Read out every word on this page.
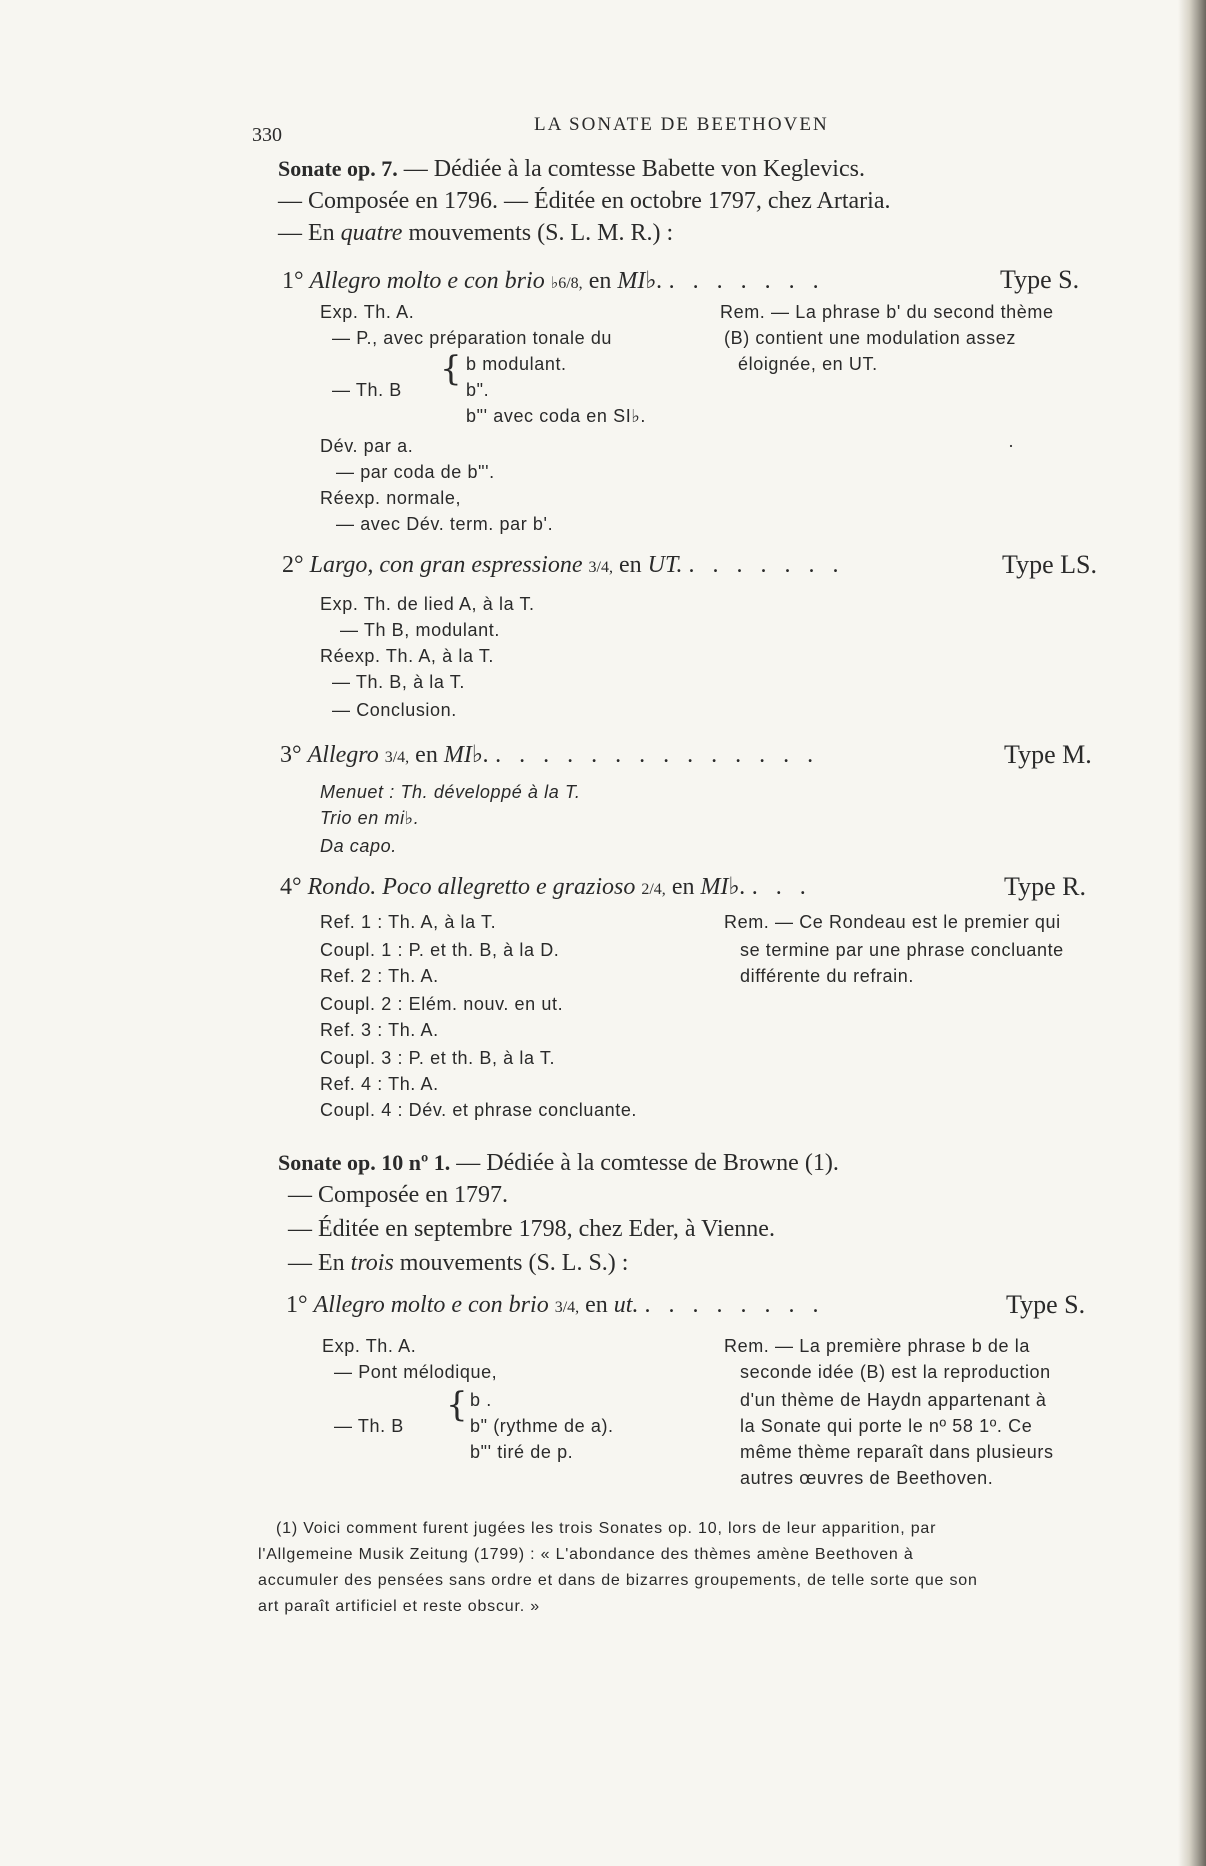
330	LA SONATE DE BEETHOVEN
Sonate op. 7. — Dédiée à la comtesse Babette von Keglevics.
— Composée en 1796. — Éditée en octobre 1797, chez Artaria.
— En quatre mouvements (S. L. M. R.) :
1° Allegro molto e con brio ♭6/8, en MI♭. . . . . . . .	Type S.
Exp. Th. A.
— P., avec préparation tonale du
{ b modulant.
— Th. B	b".
b"' avec coda en SI♭.
Dév. par a.
— par coda de b"'.
Réexp. normale,
— avec Dév. term. par b'.
Rem. — La phrase b' du second thème
(B) contient une modulation assez
éloignée, en UT.
2° Largo, con gran espressione 3/4, en UT. . . . . . . .	Type LS.
Exp. Th. de lied A, à la T.
— Th B, modulant.
Réexp. Th. A, à la T.
— Th. B, à la T.
— Conclusion.
3° Allegro 3/4, en MI♭. . . . . . . . . . . . . . .	Type M.
Menuet : Th. développé à la T.
Trio en mi♭.
Da capo.
4° Rondo. Poco allegretto e grazioso 2/4, en MI♭. . . .	Type R.
Ref. 1 : Th. A, à la T.
Coupl. 1 : P. et th. B, à la D.
Ref. 2 : Th. A.
Coupl. 2 : Elém. nouv. en ut.
Ref. 3 : Th. A.
Coupl. 3 : P. et th. B, à la T.
Ref. 4 : Th. A.
Coupl. 4 : Dév. et phrase concluante.
Rem. — Ce Rondeau est le premier qui
se termine par une phrase concluante
différente du refrain.
Sonate op. 10 nº 1. — Dédiée à la comtesse de Browne (1).
— Composée en 1797.
— Éditée en septembre 1798, chez Eder, à Vienne.
— En trois mouvements (S. L. S.) :
1° Allegro molto e con brio 3/4, en ut. . . . . . . . .	Type S.
Exp. Th. A.
— Pont mélodique,
{ b .
— Th. B	b" (rythme de a).
b"' tiré de p.
Rem. — La première phrase b de la
seconde idée (B) est la reproduction
d'un thème de Haydn appartenant à
la Sonate qui porte le nº 58 1º. Ce
même thème reparaît dans plusieurs
autres œuvres de Beethoven.
(1) Voici comment furent jugées les trois Sonates op. 10, lors de leur apparition, par
l'Allgemeine Musik Zeitung (1799) : « L'abondance des thèmes amène Beethoven à
accumuler des pensées sans ordre et dans de bizarres groupements, de telle sorte que son
art paraît artificiel et reste obscur. »
·
